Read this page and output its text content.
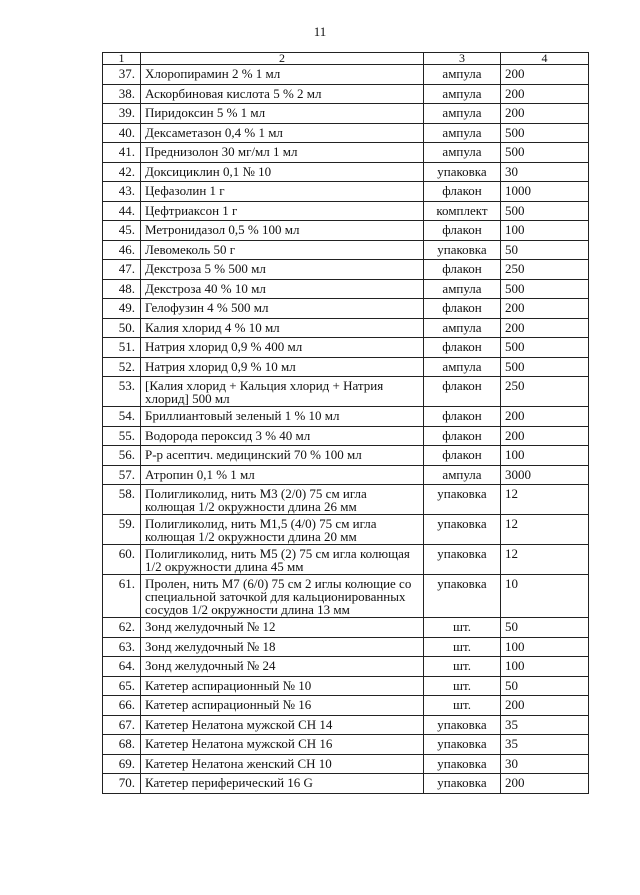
11
1	2	3	4
37.	Хлоропирамин 2 % 1 мл	ампула	200
38.	Аскорбиновая кислота 5 % 2 мл	ампула	200
39.	Пиридоксин 5 % 1 мл	ампула	200
40.	Дексаметазон 0,4 % 1 мл	ампула	500
41.	Преднизолон 30 мг/мл 1 мл	ампула	500
42.	Доксициклин 0,1 № 10	упаковка	30
43.	Цефазолин 1 г	флакон	1000
44.	Цефтриаксон 1 г	комплект	500
45.	Метронидазол 0,5 % 100 мл	флакон	100
46.	Левомеколь 50 г	упаковка	50
47.	Декстроза 5 % 500 мл	флакон	250
48.	Декстроза 40 % 10 мл	ампула	500
49.	Гелофузин 4 % 500 мл	флакон	200
50.	Калия хлорид 4 % 10 мл	ампула	200
51.	Натрия хлорид 0,9 % 400 мл	флакон	500
52.	Натрия хлорид 0,9 % 10 мл	ампула	500
53.	[Калия хлорид + Кальция хлорид + Натрия хлорид] 500 мл	флакон	250
54.	Бриллиантовый зеленый 1 % 10 мл	флакон	200
55.	Водорода пероксид 3 % 40 мл	флакон	200
56.	Р-р асептич. медицинский 70 % 100 мл	флакон	100
57.	Атропин 0,1 % 1 мл	ампула	3000
58.	Полигликолид, нить М3 (2/0) 75 см игла колющая 1/2 окружности длина 26 мм	упаковка	12
59.	Полигликолид, нить М1,5 (4/0) 75 см игла колющая 1/2 окружности длина 20 мм	упаковка	12
60.	Полигликолид, нить М5 (2) 75 см игла колющая 1/2 окружности длина 45 мм	упаковка	12
61.	Пролен, нить М7 (6/0) 75 см 2 иглы колющие со специальной заточкой для кальционированных сосудов 1/2 окружности длина 13 мм	упаковка	10
62.	Зонд желудочный № 12	шт.	50
63.	Зонд желудочный № 18	шт.	100
64.	Зонд желудочный № 24	шт.	100
65.	Катетер аспирационный № 10	шт.	50
66.	Катетер аспирационный № 16	шт.	200
67.	Катетер Нелатона мужской CH 14	упаковка	35
68.	Катетер Нелатона мужской CH 16	упаковка	35
69.	Катетер Нелатона женский CH 10	упаковка	30
70.	Катетер периферический 16 G	упаковка	200
